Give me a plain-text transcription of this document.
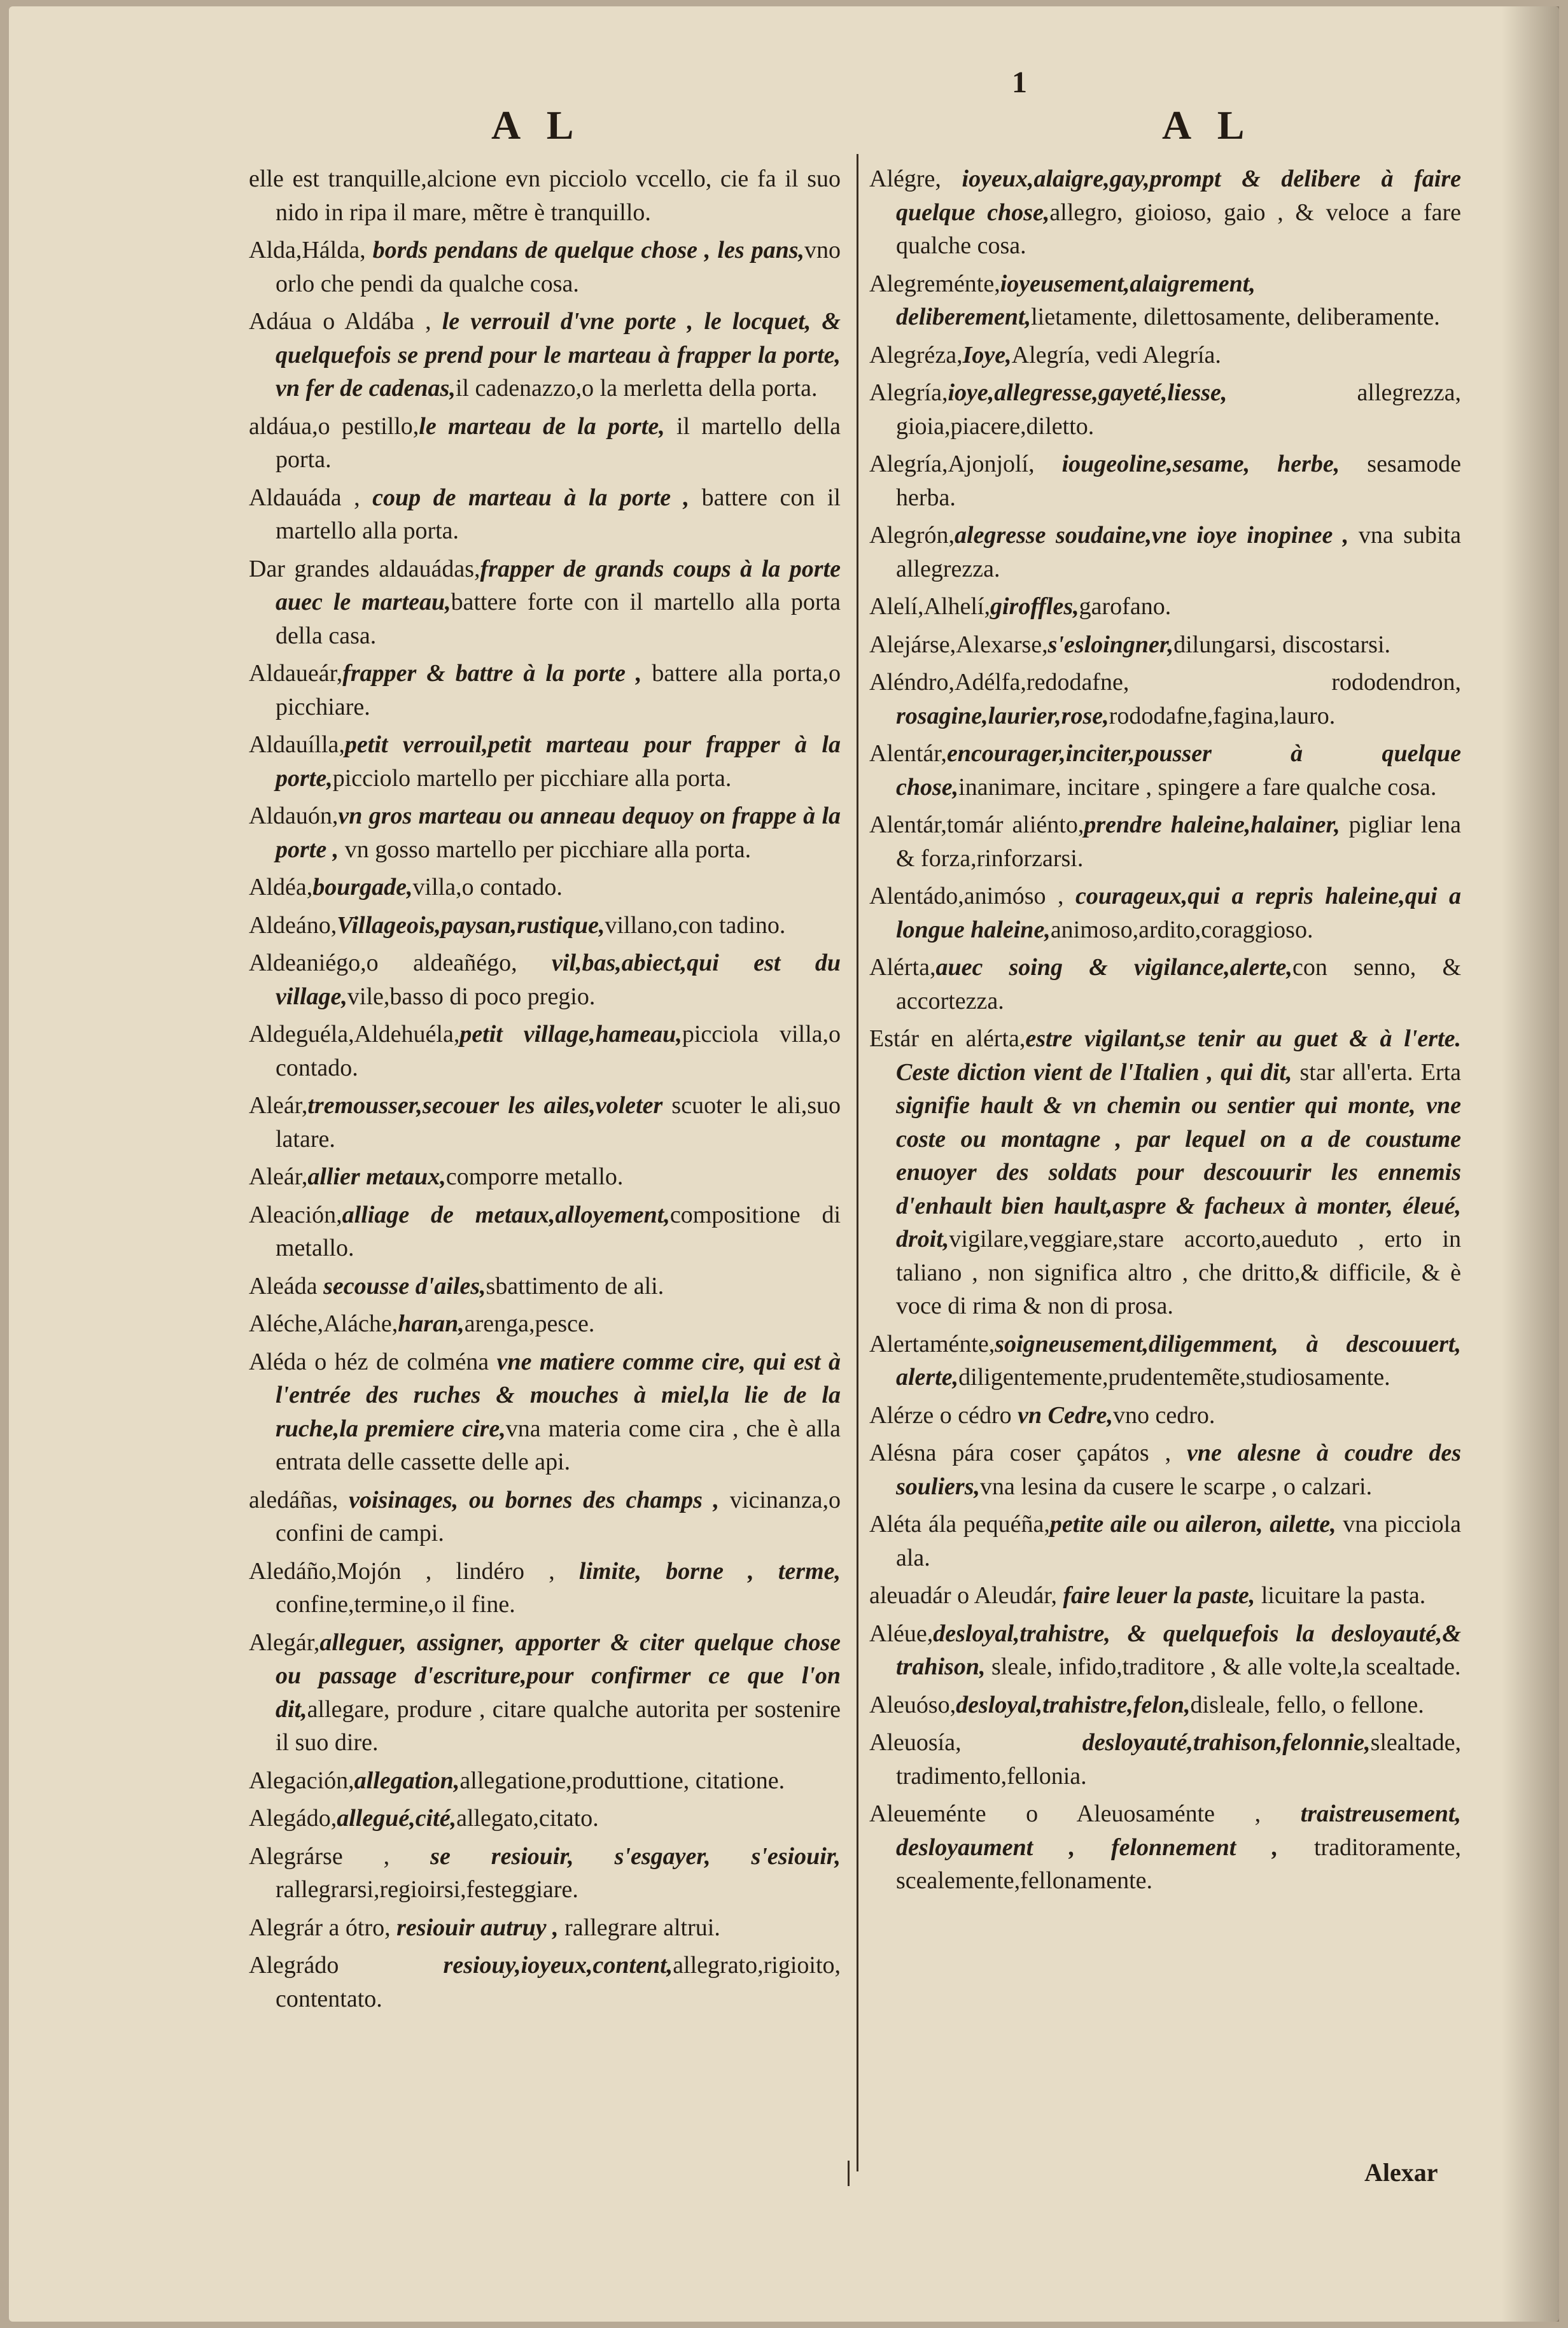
1
A L	A L

elle est tranquille,alcione evn picciolo vccello, cie fa il suo nido in ripa il mare, mẽtre è tranquillo.

Alda,Hálda, bords pendans de quelque chose , les pans,vno orlo che pendi da qualche cosa.

Adáua o Aldába , le verrouil d'vne porte , le locquet, & quelquefois se prend pour le marteau à frapper la porte, vn fer de cadenas,il cadenazzo,o la merletta della porta.

aldáua,o pestillo,le marteau de la porte, il martello della porta.

Aldauáda , coup de marteau à la porte , battere con il martello alla porta.

Dar grandes aldauádas,frapper de grands coups à la porte auec le marteau,battere forte con il martello alla porta della casa.

Aldaueár,frapper & battre à la porte , battere alla porta,o picchiare.

Aldauílla,petit verrouil,petit marteau pour frapper à la porte,picciolo martello per picchiare alla porta.

Aldauón,vn gros marteau ou anneau dequoy on frappe à la porte , vn gosso martello per picchiare alla porta.

Aldéa,bourgade,villa,o contado.

Aldeáno,Villageois,paysan,rustique,villano,con tadino.

Aldeaniégo,o aldeañégo, vil,bas,abiect,qui est du village,vile,basso di poco pregio.

Aldeguéla,Aldehuéla,petit village,hameau,picciola villa,o contado.

Aleár,tremousser,secouer les ailes,voleter scuoter le ali,suo latare.

Aleár,allier metaux,comporre metallo.

Aleación,alliage de metaux,alloyement,compositione di metallo.

Aleáda secousse d'ailes,sbattimento de ali.

Aléche,Aláche,haran,arenga,pesce.

Aléda o héz de colména vne matiere comme cire, qui est à l'entrée des ruches & mouches à miel,la lie de la ruche,la premiere cire,vna materia come cira , che è alla entrata delle cassette delle api.

aledáñas, voisinages, ou bornes des champs , vicinanza,o confini de campi.

Aledáño,Mojón , lindéro , limite, borne , terme, confine,termine,o il fine.

Alegár,alleguer, assigner, apporter & citer quelque chose ou passage d'escriture,pour confirmer ce que l'on dit,allegare, produre , citare qualche autorita per sostenire il suo dire.

Alegación,allegation,allegatione,produttione, citatione.

Alegádo,allegué,cité,allegato,citato.

Alegrárse , se resiouir, s'esgayer, s'esiouir, rallegrarsi,regioirsi,festeggiare.

Alegrár a ótro, resiouir autruy , rallegrare altrui.

Alegrádo resiouy,ioyeux,content,allegrato,rigioito, contentato.

Alégre, ioyeux,alaigre,gay,prompt & delibere à faire quelque chose,allegro, gioioso, gaio , & veloce a fare qualche cosa.

Alegreménte,ioyeusement,alaigrement, deliberement,lietamente, dilettosamente, deliberamente.

Alegréza,Ioye,Alegría, vedi Alegría.

Alegría,ioye,allegresse,gayeté,liesse, allegrezza, gioia,piacere,diletto.

Alegría,Ajonjolí, iougeoline,sesame, herbe, sesamode herba.

Alegrón,alegresse soudaine,vne ioye inopinee , vna subita allegrezza.

Alelí,Alhelí,giroffles,garofano.

Alejárse,Alexarse,s'esloingner,dilungarsi, discostarsi.

Aléndro,Adélfa,redodafne, rododendron, rosagine,laurier,rose,rododafne,fagina,lauro.

Alentár,encourager,inciter,pousser à quelque chose,inanimare, incitare , spingere a fare qualche cosa.

Alentár,tomár aliénto,prendre haleine,halainer, pigliar lena & forza,rinforzarsi.

Alentádo,animóso , courageux,qui a repris haleine,qui a longue haleine,animoso,ardito,coraggioso.

Alérta,auec soing & vigilance,alerte,con senno, & accortezza.

Estár en alérta,estre vigilant,se tenir au guet & à l'erte. Ceste diction vient de l'Italien , qui dit, star all'erta. Erta signifie hault & vn chemin ou sentier qui monte, vne coste ou montagne , par lequel on a de coustume enuoyer des soldats pour descouurir les ennemis d'enhault bien hault,aspre & facheux à monter, éleué, droit,vigilare,veggiare,stare accorto,aueduto , erto in taliano , non significa altro , che dritto,& difficile, & è voce di rima & non di prosa.

Alertaménte,soigneusement,diligemment, à descouuert, alerte,diligentemente,prudentemẽte,studiosamente.

Alérze o cédro vn Cedre,vno cedro.

Alésna pára coser çapátos , vne alesne à coudre des souliers,vna lesina da cusere le scarpe , o calzari.

Aléta ála pequéña,petite aile ou aileron, ailette, vna picciola ala.

aleuadár o Aleudár, faire leuer la paste, licuitare la pasta.

Aléue,desloyal,trahistre, & quelquefois la desloyauté,& trahison, sleale, infido,traditore , & alle volte,la scealtade.

Aleuóso,desloyal,trahistre,felon,disleale, fello, o fellone.

Aleuosía, desloyauté,trahison,felonnie,slealtade, tradimento,fellonia.

Aleueménte o Aleuosaménte , traistreusement, desloyaument , felonnement , traditoramente, scealemente,fellonamente.

Alexar
